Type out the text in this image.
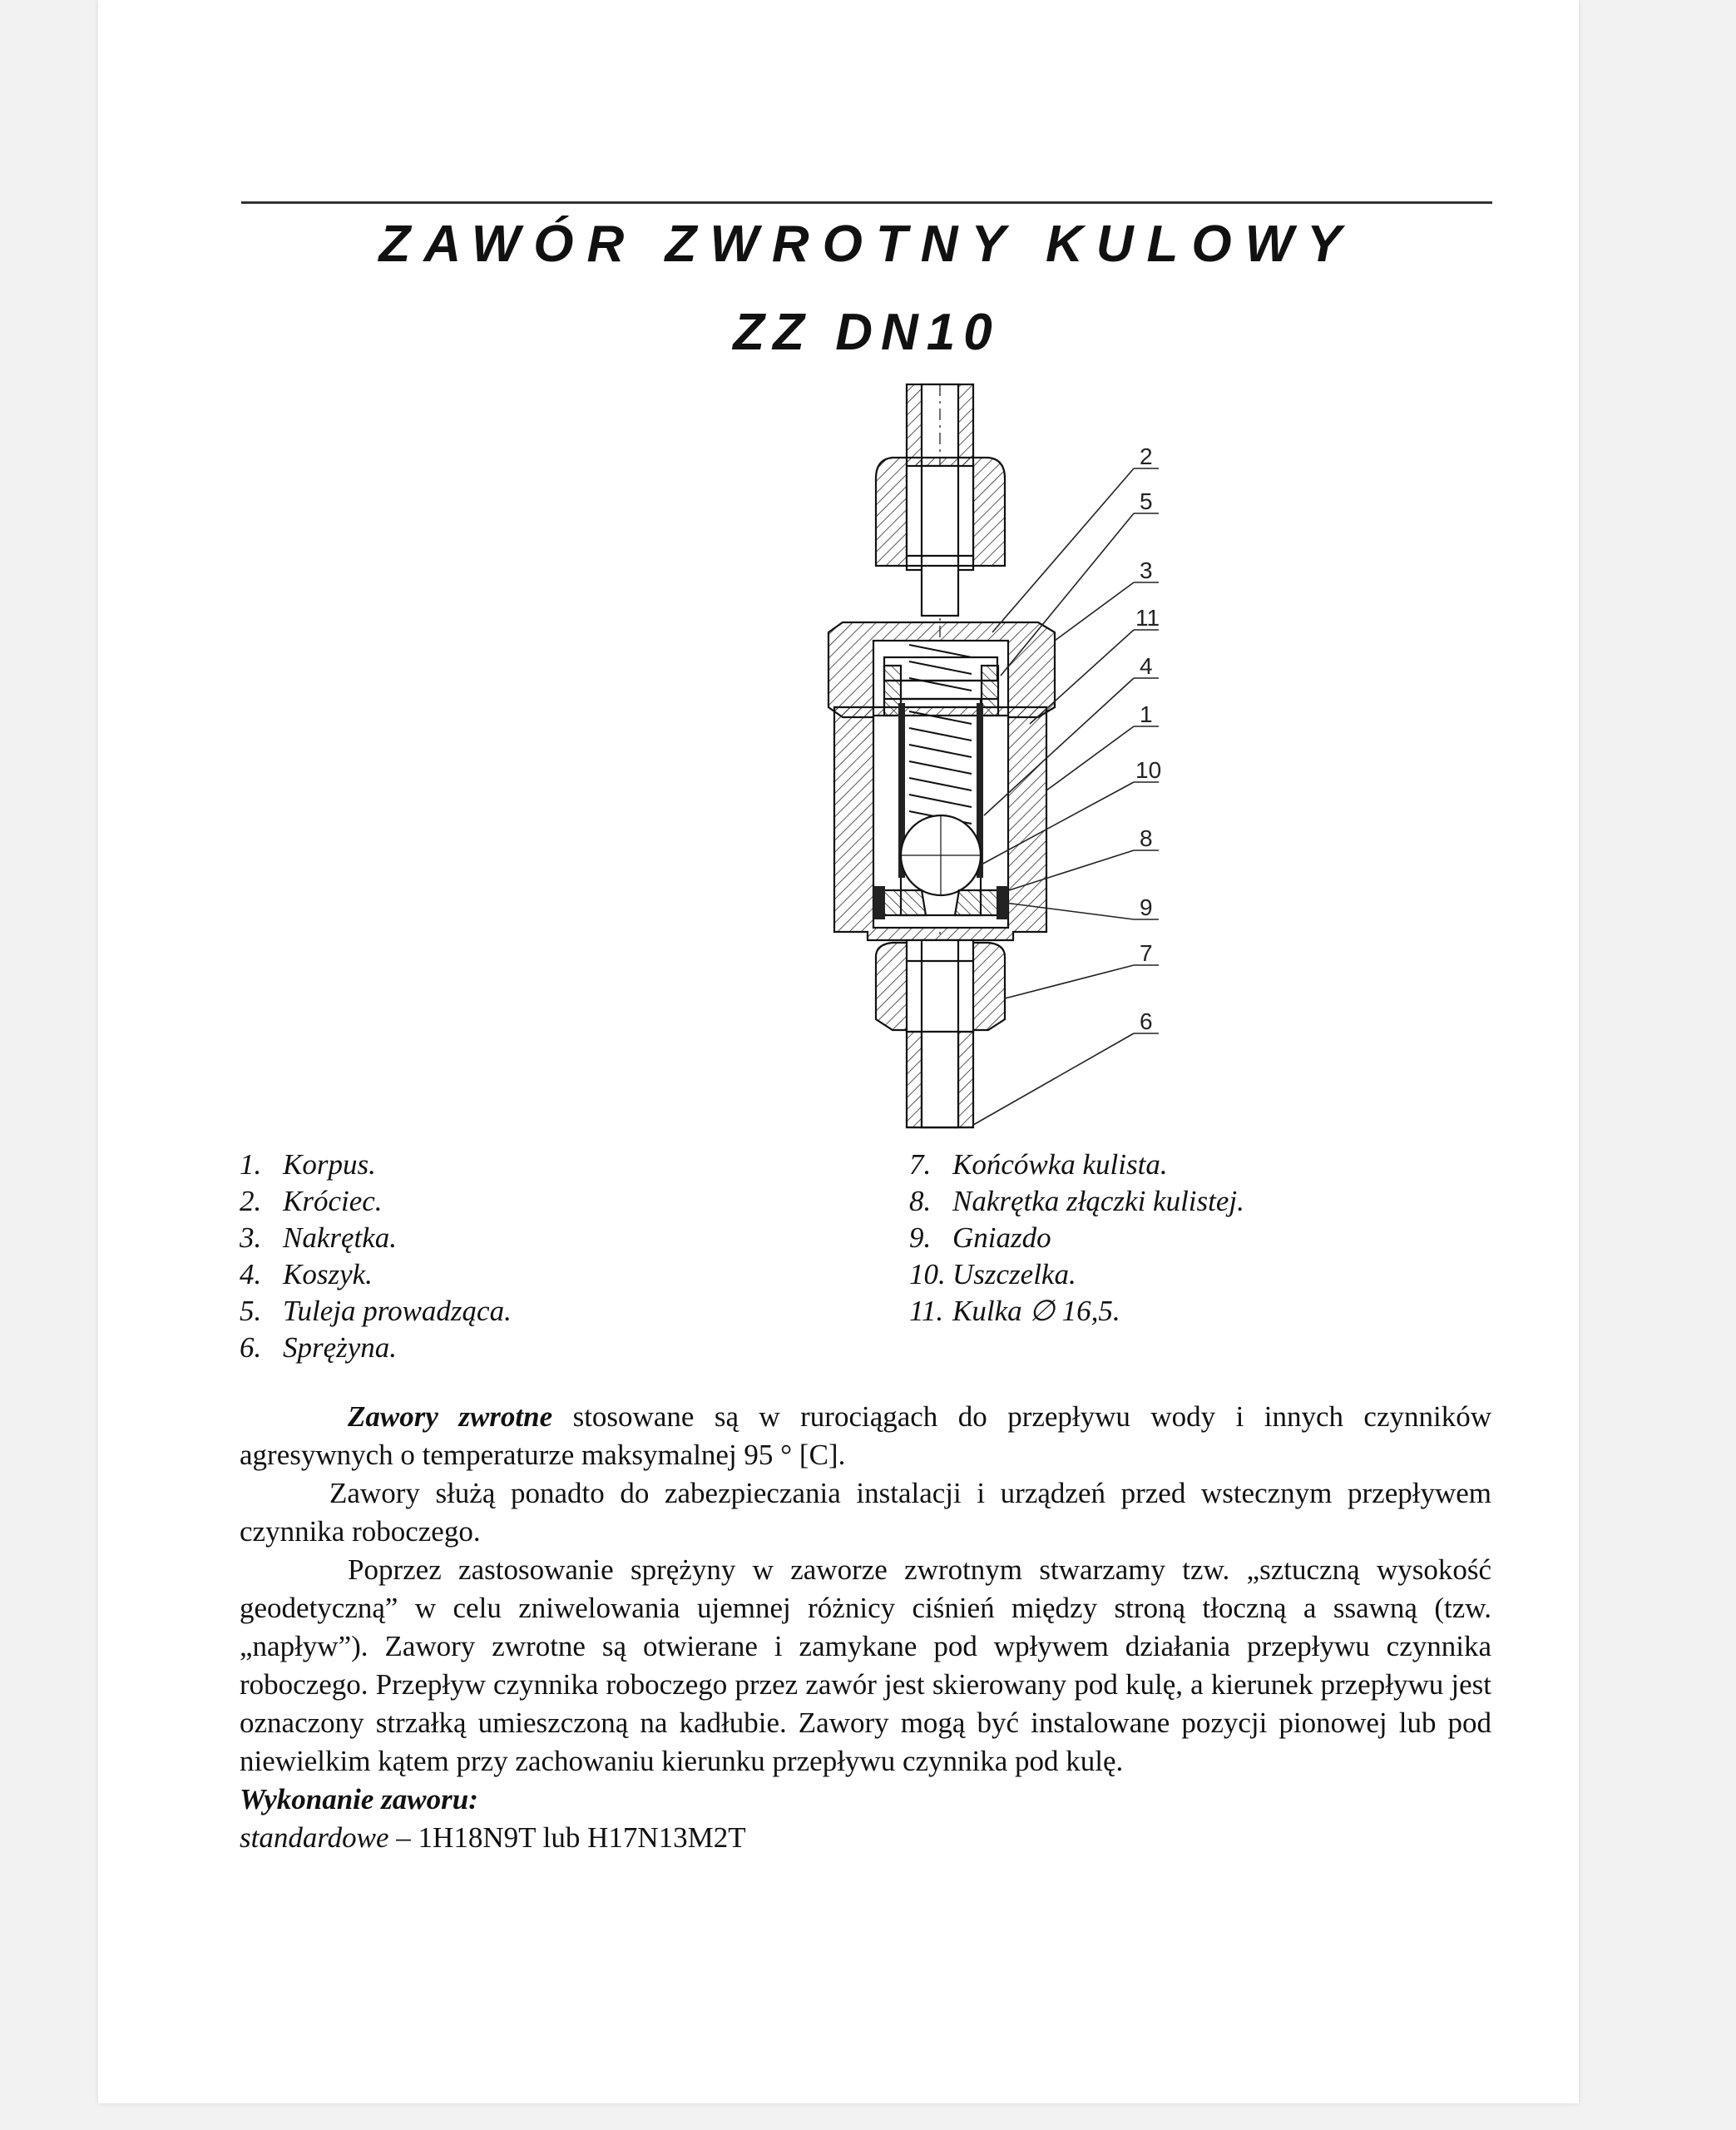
ZAWÓR ZWROTNY KULOWY
ZZ DN10
2
5
3
11
4
1
10
8
9
7
6
1. Korpus.
2. Króciec.
3. Nakrętka.
4. Koszyk.
5. Tuleja prowadząca.
6. Sprężyna.
7. Końcówka kulista.
8. Nakrętka złączki kulistej.
9. Gniazdo
10. Uszczelka.
11. Kulka ∅ 16,5.

Zawory zwrotne stosowane są w rurociągach do przepływu wody i innych czynników agresywnych o temperaturze maksymalnej 95 ° [C].

Zawory służą ponadto do zabezpieczania instalacji i urządzeń przed wstecznym przepływem czynnika roboczego.

Poprzez zastosowanie sprężyny w zaworze zwrotnym stwarzamy tzw. „sztuczną wysokość geodetyczną” w celu zniwelowania ujemnej różnicy ciśnień między stroną tłoczną a ssawną (tzw. „napływ”). Zawory zwrotne są otwierane i zamykane pod wpływem działania przepływu czynnika roboczego. Przepływ czynnika roboczego przez zawór jest skierowany pod kulę, a kierunek przepływu jest oznaczony strzałką umieszczoną na kadłubie. Zawory mogą być instalowane pozycji pionowej lub pod niewielkim kątem przy zachowaniu kierunku przepływu czynnika pod kulę.

Wykonanie zaworu:

standardowe – 1H18N9T lub H17N13M2T
